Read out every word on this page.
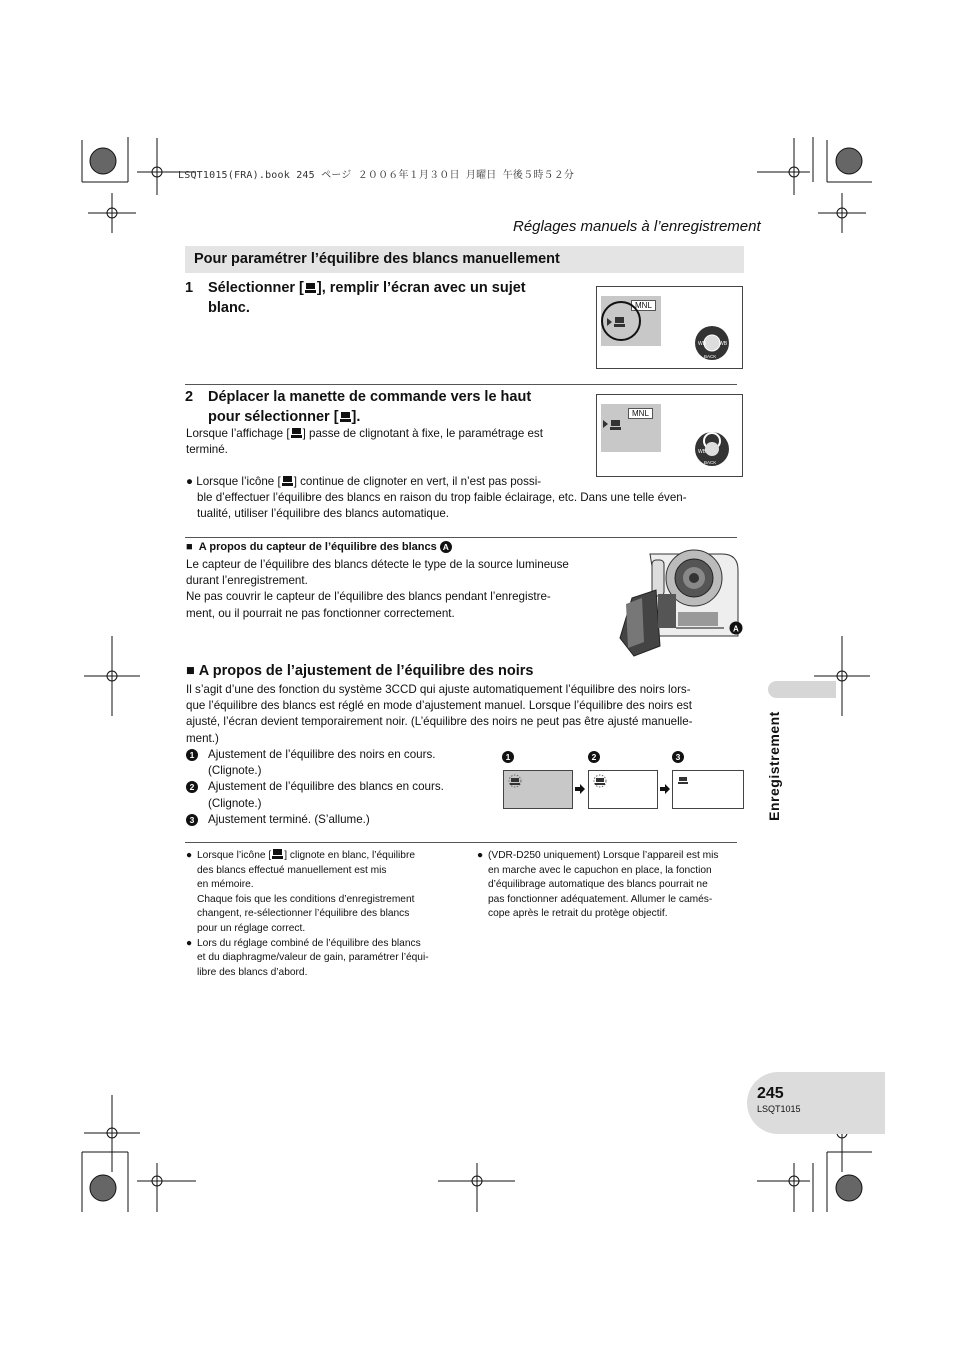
LSQT1015(FRA).book 245 ページ ２００６年１月３０日 月曜日 午後５時５２分
Réglages manuels à l’enregistrement
Pour paramétrer l’équilibre des blancs manuellement
1 Sélectionner [ ], remplir l’écran avec un sujet
blanc.	MNL
WB	WB
BACK
2 Déplacer la manette de commande vers le haut
pour sélectionner [ ].
Lorsque l’affichage [ ] passe de clignotant à fixe, le paramétrage est
terminé.
MNL
WB
BACK
● Lorsque l’icône [ ] continue de clignoter en vert, il n’est pas possi-
ble d’effectuer l’équilibre des blancs en raison du trop faible éclairage, etc. Dans une telle éven-
tualité, utiliser l’équilibre des blancs automatique.
■ A propos du capteur de l’équilibre des blancs A
Le capteur de l’équilibre des blancs détecte le type de la source lumineuse
durant l’enregistrement.
Ne pas couvrir le capteur de l’équilibre des blancs pendant l’enregistre-
ment, ou il pourrait ne pas fonctionner correctement.
A
■ A propos de l’ajustement de l’équilibre des noirs
Il s’agit d’une des fonction du système 3CCD qui ajuste automatiquement l’équilibre des noirs lors-
que l’équilibre des blancs est réglé en mode d’ajustement manuel. Lorsque l’équilibre des noirs est
ajusté, l’écran devient temporairement noir. (L’équilibre des noirs ne peut pas être ajusté manuelle-
ment.)
1	Ajustement de l’équilibre des noirs en cours.
(Clignote.)
2	Ajustement de l’équilibre des blancs en cours.
(Clignote.)
3	Ajustement terminé. (S’allume.)
1	2	3
● Lorsque l’icône [ ] clignote en blanc, l’équilibre
des blancs effectué manuellement est mis
en mémoire.
Chaque fois que les conditions d’enregistrement
changent, re-sélectionner l’équilibre des blancs
pour un réglage correct.
● Lors du réglage combiné de l’équilibre des blancs
et du diaphragme/valeur de gain, paramétrer l’équi-
libre des blancs d’abord.
● (VDR-D250 uniquement) Lorsque l’appareil est mis
en marche avec le capuchon en place, la fonction
d’équilibrage automatique des blancs pourrait ne
pas fonctionner adéquatement. Allumer le camés-
cope après le retrait du protège objectif.
Enregistrement
245
LSQT1015
